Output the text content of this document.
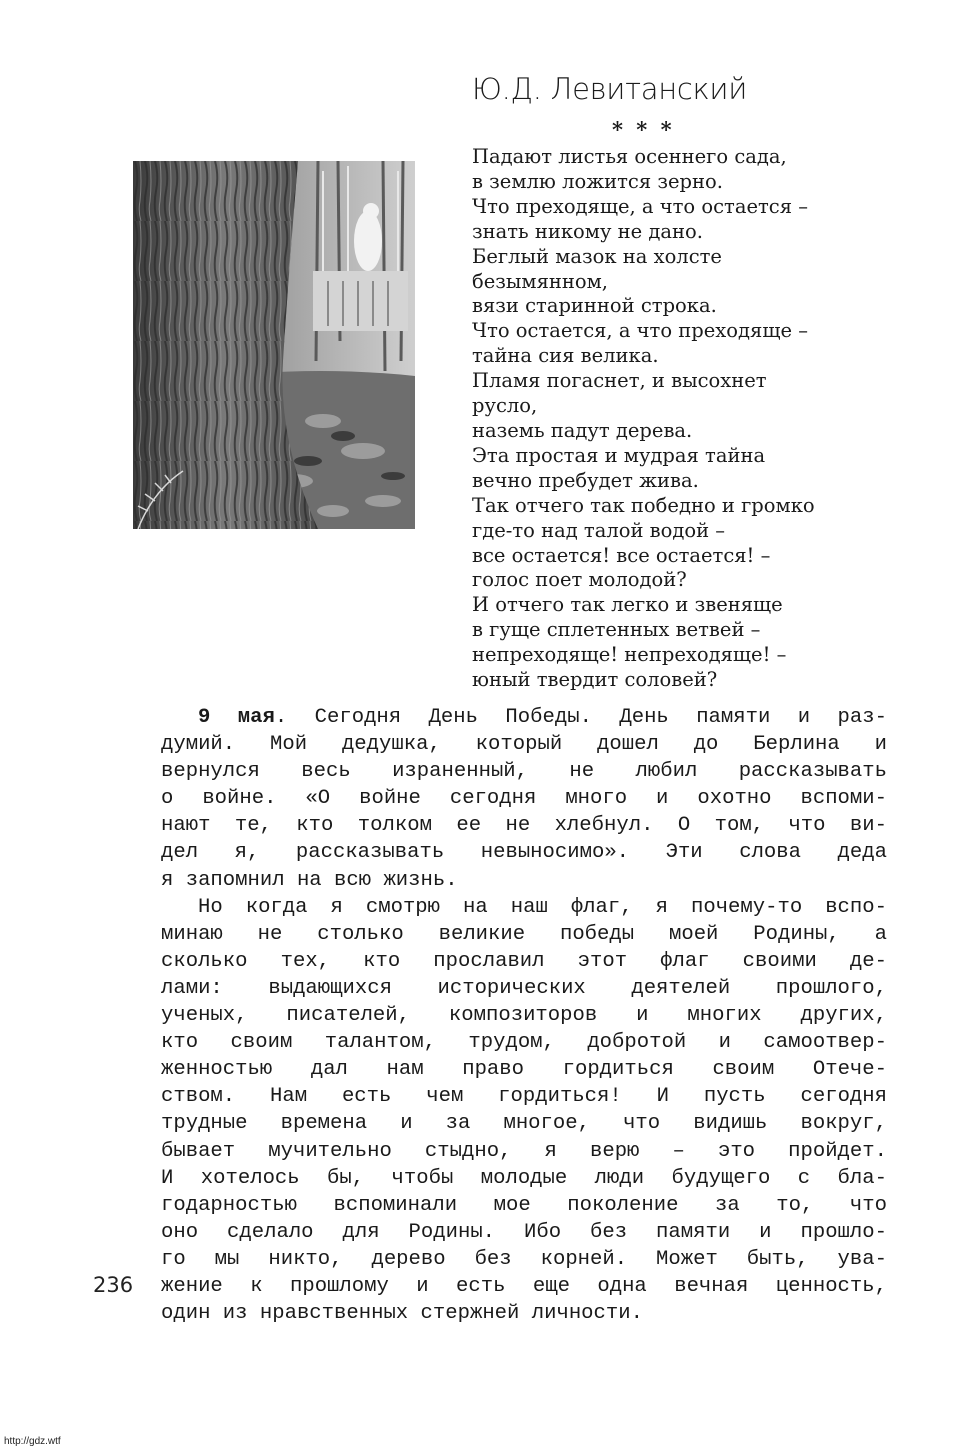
Ю.Д. Левитанский
* * *
Падают листья осеннего сада,
в землю ложится зерно.
Что преходяще, а что остается –
знать никому не дано.
Беглый мазок на холсте
безымянном,
вязи старинной строка.
Что остается, а что преходяще –
тайна сия велика.
Пламя погаснет, и высохнет
русло,
наземь падут дерева.
Эта простая и мудрая тайна
вечно пребудет жива.
Так отчего так победно и громко
где-то над талой водой –
все остается! все остается! –
голос поет молодой?
И отчего так легко и звеняще
в гуще сплетенных ветвей –
непреходяще! непреходяще! –
юный твердит соловей?
9 мая. Сегодня День Победы. День памяти и раз-
думий. Мой дедушка, который дошел до Берлина и
вернулся весь израненный, не любил рассказывать
о войне. «О войне сегодня много и охотно вспоми-
нают те, кто толком ее не хлебнул. О том, что ви-
дел я, рассказывать невыносимо». Эти слова деда
я запомнил на всю жизнь.
Но когда я смотрю на наш флаг, я почему-то вспо-
минаю не столько великие победы моей Родины, а
сколько тех, кто прославил этот флаг своими де-
лами: выдающихся исторических деятелей прошлого,
ученых, писателей, композиторов и многих других,
кто своим талантом, трудом, добротой и самоотвер-
женностью дал нам право гордиться своим Отече-
ством. Нам есть чем гордиться! И пусть сегодня
трудные времена и за многое, что видишь вокруг,
бывает мучительно стыдно, я верю – это пройдет.
И хотелось бы, чтобы молодые люди будущего с бла-
годарностью вспоминали мое поколение за то, что
оно сделало для Родины. Ибо без памяти и прошло-
го мы никто, дерево без корней. Может быть, ува-
жение к прошлому и есть еще одна вечная ценность,
один из нравственных стержней личности.
236
http://gdz.wtf
